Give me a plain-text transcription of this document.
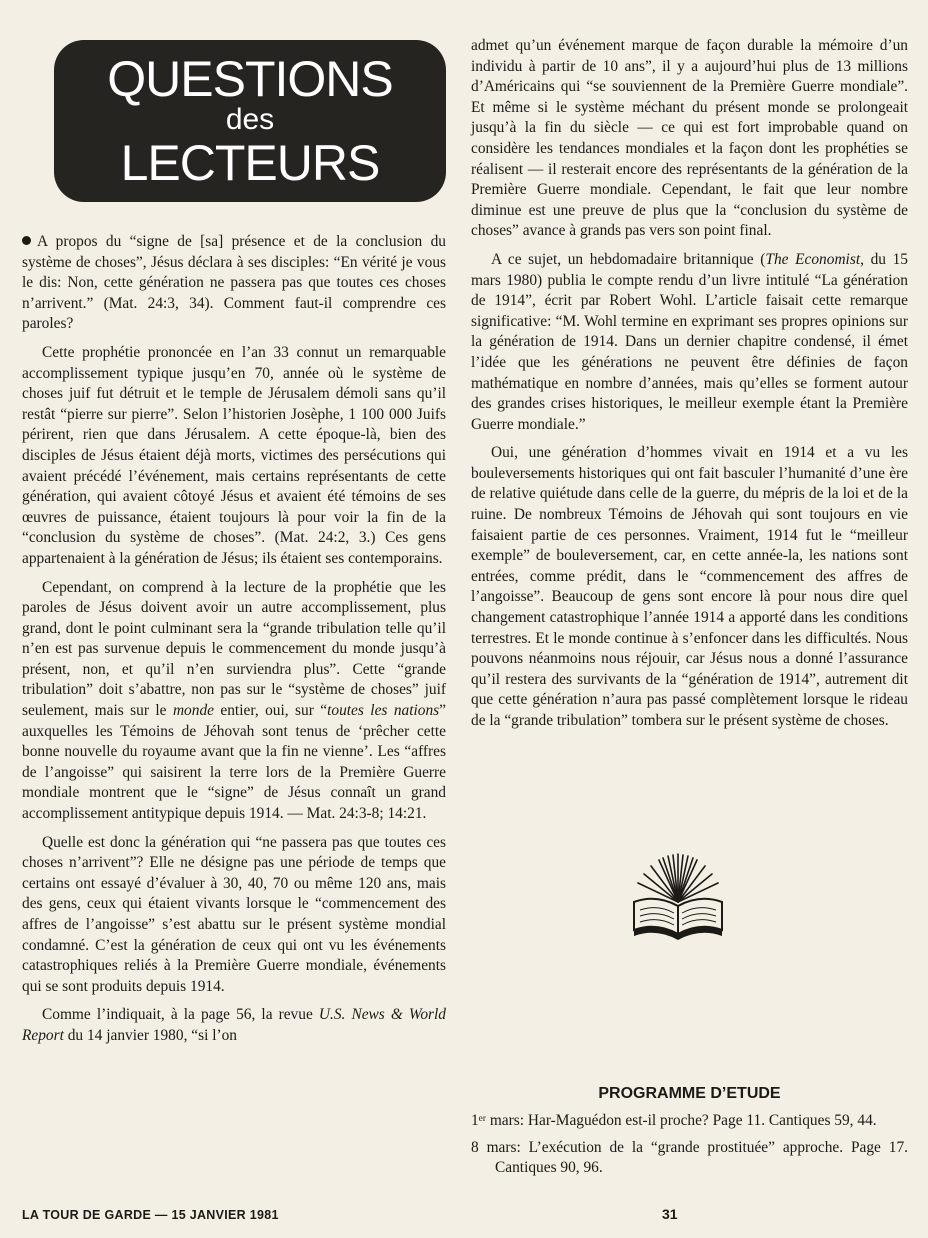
QUESTIONS
des
LECTEURS

A propos du “signe de [sa] présence et de la conclusion du système de choses”, Jésus déclara à ses disciples: “En vérité je vous le dis: Non, cette génération ne passera pas que toutes ces choses n’arrivent.” (Mat. 24:3, 34). Comment faut-il comprendre ces paroles?

Cette prophétie prononcée en l’an 33 connut un remarquable accomplissement typique jusqu’en 70, année où le système de choses juif fut détruit et le temple de Jérusalem démoli sans qu’il restât “pierre sur pierre”. Selon l’historien Josèphe, 1 100 000 Juifs périrent, rien que dans Jérusalem. A cette époque-là, bien des disciples de Jésus étaient déjà morts, victimes des persécutions qui avaient précédé l’événement, mais certains représentants de cette génération, qui avaient côtoyé Jésus et avaient été témoins de ses œuvres de puissance, étaient toujours là pour voir la fin de la “conclusion du système de choses”. (Mat. 24:2, 3.) Ces gens appartenaient à la génération de Jésus; ils étaient ses contemporains.

Cependant, on comprend à la lecture de la prophétie que les paroles de Jésus doivent avoir un autre accomplissement, plus grand, dont le point culminant sera la “grande tribulation telle qu’il n’en est pas survenue depuis le commencement du monde jusqu’à présent, non, et qu’il n’en surviendra plus”. Cette “grande tribulation” doit s’abattre, non pas sur le “système de choses” juif seulement, mais sur le monde entier, oui, sur “toutes les nations” auxquelles les Témoins de Jéhovah sont tenus de ‘prêcher cette bonne nouvelle du royaume avant que la fin ne vienne’. Les “affres de l’angoisse” qui saisirent la terre lors de la Première Guerre mondiale montrent que le “signe” de Jésus connaît un grand accomplissement antitypique depuis 1914. — Mat. 24:3-8; 14:21.

Quelle est donc la génération qui “ne passera pas que toutes ces choses n’arrivent”? Elle ne désigne pas une période de temps que certains ont essayé d’évaluer à 30, 40, 70 ou même 120 ans, mais des gens, ceux qui étaient vivants lorsque le “commencement des affres de l’angoisse” s’est abattu sur le présent système mondial condamné. C’est la génération de ceux qui ont vu les événements catastrophiques reliés à la Première Guerre mondiale, événements qui se sont produits depuis 1914.

Comme l’indiquait, à la page 56, la revue U.S. News & World Report du 14 janvier 1980, “si l’on

admet qu’un événement marque de façon durable la mémoire d’un individu à partir de 10 ans”, il y a aujourd’hui plus de 13 millions d’Américains qui “se souviennent de la Première Guerre mondiale”. Et même si le système méchant du présent monde se prolongeait jusqu’à la fin du siècle — ce qui est fort improbable quand on considère les tendances mondiales et la façon dont les prophéties se réalisent — il resterait encore des représentants de la génération de la Première Guerre mondiale. Cependant, le fait que leur nombre diminue est une preuve de plus que la “conclusion du système de choses” avance à grands pas vers son point final.

A ce sujet, un hebdomadaire britannique (The Economist, du 15 mars 1980) publia le compte rendu d’un livre intitulé “La génération de 1914”, écrit par Robert Wohl. L’article faisait cette remarque significative: “M. Wohl termine en exprimant ses propres opinions sur la génération de 1914. Dans un dernier chapitre condensé, il émet l’idée que les générations ne peuvent être définies de façon mathématique en nombre d’années, mais qu’elles se forment autour des grandes crises historiques, le meilleur exemple étant la Première Guerre mondiale.”

Oui, une génération d’hommes vivait en 1914 et a vu les bouleversements historiques qui ont fait basculer l’humanité d’une ère de relative quiétude dans celle de la guerre, du mépris de la loi et de la ruine. De nombreux Témoins de Jéhovah qui sont toujours en vie faisaient partie de ces personnes. Vraiment, 1914 fut le “meilleur exemple” de bouleversement, car, en cette année-la, les nations sont entrées, comme prédit, dans le “commencement des affres de l’angoisse”. Beaucoup de gens sont encore là pour nous dire quel changement catastrophique l’année 1914 a apporté dans les conditions terrestres. Et le monde continue à s’enfoncer dans les difficultés. Nous pouvons néanmoins nous réjouir, car Jésus nous a donné l’assurance qu’il restera des survivants de la “génération de 1914”, autrement dit que cette génération n’aura pas passé complètement lorsque le rideau de la “grande tribulation” tombera sur le présent système de choses.

PROGRAMME D’ETUDE
1ᵉʳ mars: Har-Maguédon est-il proche? Page 11. Cantiques 59, 44.
8 mars: L’exécution de la “grande prostituée” approche. Page 17. Cantiques 90, 96.
LA TOUR DE GARDE — 15 JANVIER 1981	31
